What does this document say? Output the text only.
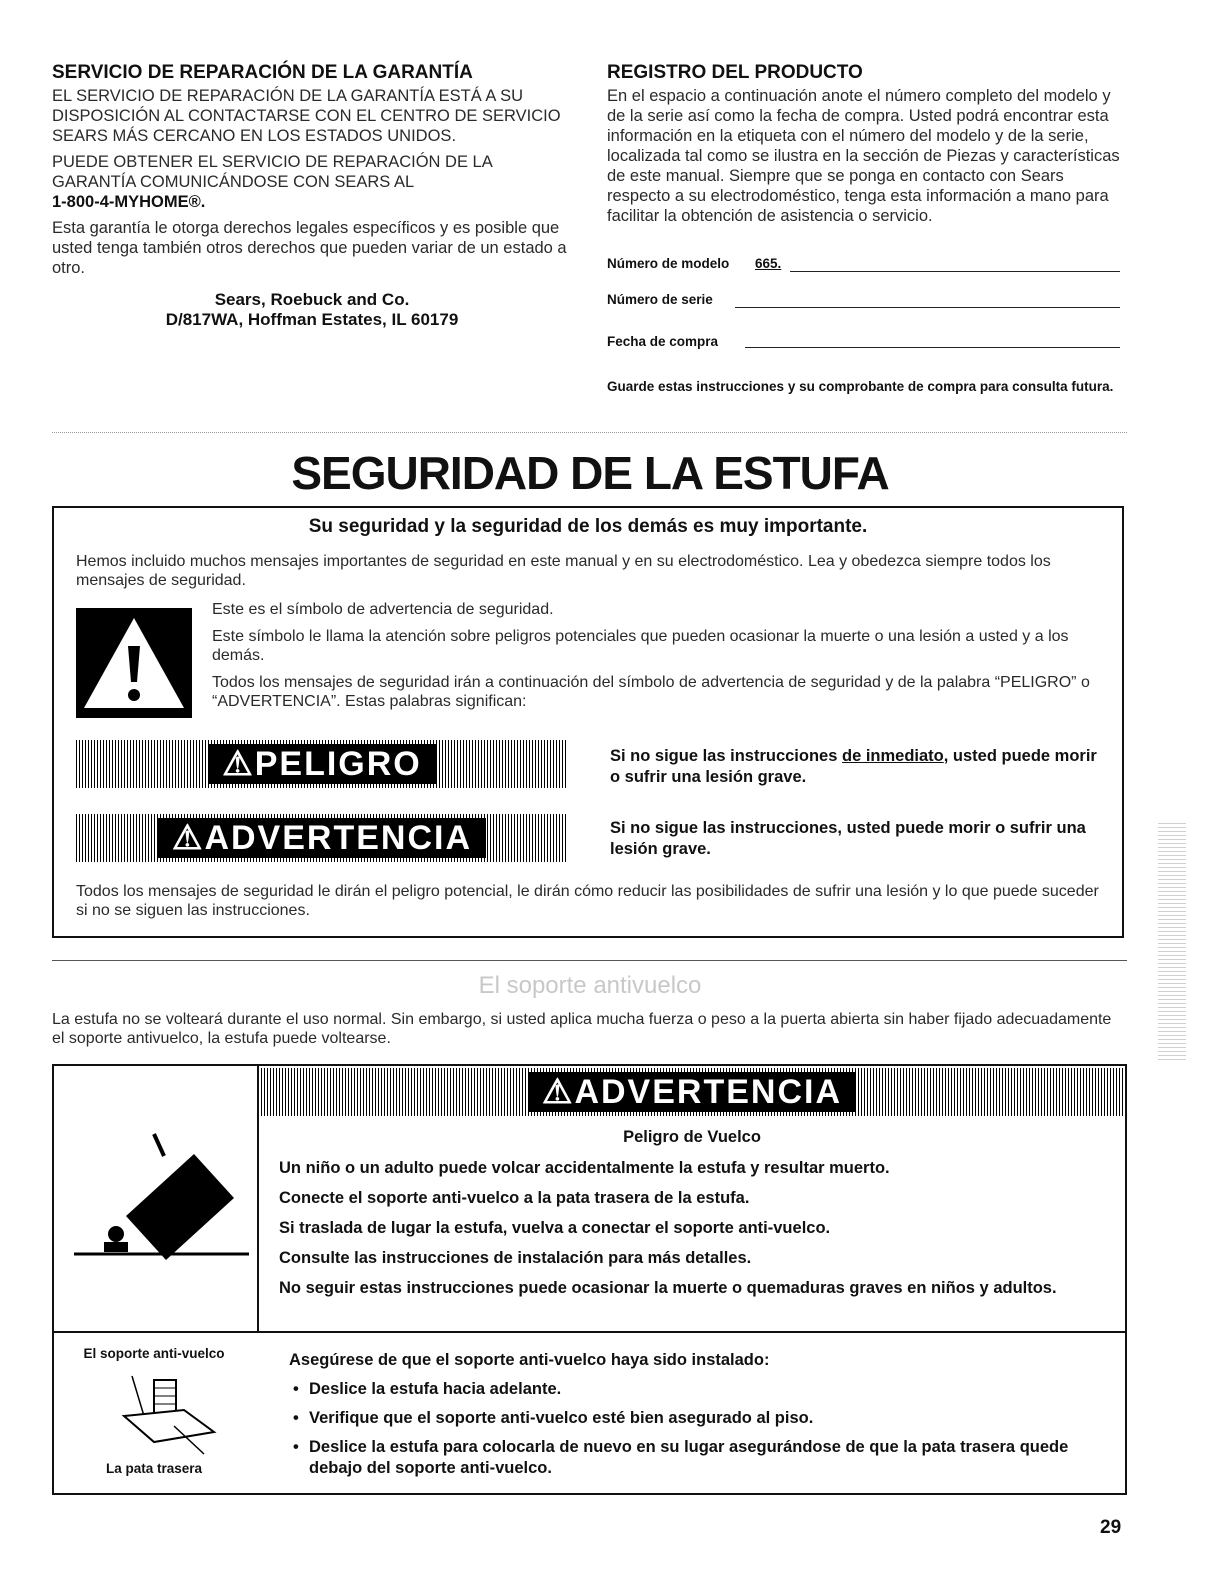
SERVICIO DE REPARACIÓN DE LA GARANTÍA
EL SERVICIO DE REPARACIÓN DE LA GARANTÍA ESTÁ A SU DISPOSICIÓN AL CONTACTARSE CON EL CENTRO DE SERVICIO SEARS MÁS CERCANO EN LOS ESTADOS UNIDOS.
PUEDE OBTENER EL SERVICIO DE REPARACIÓN DE LA GARANTÍA COMUNICÁNDOSE CON SEARS AL
1-800-4-MYHOME®.
Esta garantía le otorga derechos legales específicos y es posible que usted tenga también otros derechos que pueden variar de un estado a otro.
Sears, Roebuck and Co.
D/817WA, Hoffman Estates, IL 60179
REGISTRO DEL PRODUCTO
En el espacio a continuación anote el número completo del modelo y de la serie así como la fecha de compra. Usted podrá encontrar esta información en la etiqueta con el número del modelo y de la serie, localizada tal como se ilustra en la sección de Piezas y características de este manual. Siempre que se ponga en contacto con Sears respecto a su electrodoméstico, tenga esta información a mano para facilitar la obtención de asistencia o servicio.
Número de modelo 665.
Número de serie
Fecha de compra
Guarde estas instrucciones y su comprobante de compra para consulta futura.
SEGURIDAD DE LA ESTUFA
Su seguridad y la seguridad de los demás es muy importante.
Hemos incluido muchos mensajes importantes de seguridad en este manual y en su electrodoméstico. Lea y obedezca siempre todos los mensajes de seguridad.
Este es el símbolo de advertencia de seguridad.
Este símbolo le llama la atención sobre peligros potenciales que pueden ocasionar la muerte o una lesión a usted y a los demás.
Todos los mensajes de seguridad irán a continuación del símbolo de advertencia de seguridad y de la palabra “PELIGRO” o “ADVERTENCIA”. Estas palabras significan:
⚠PELIGRO	Si no sigue las instrucciones de inmediato, usted puede morir o sufrir una lesión grave.
⚠ADVERTENCIA	Si no sigue las instrucciones, usted puede morir o sufrir una lesión grave.
Todos los mensajes de seguridad le dirán el peligro potencial, le dirán cómo reducir las posibilidades de sufrir una lesión y lo que puede suceder si no se siguen las instrucciones.
El soporte antivuelco
La estufa no se volteará durante el uso normal. Sin embargo, si usted aplica mucha fuerza o peso a la puerta abierta sin haber fijado adecuadamente el soporte antivuelco, la estufa puede voltearse.
⚠ADVERTENCIA
Peligro de Vuelco
Un niño o un adulto puede volcar accidentalmente la estufa y resultar muerto.
Conecte el soporte anti-vuelco a la pata trasera de la estufa.
Si traslada de lugar la estufa, vuelva a conectar el soporte anti-vuelco.
Consulte las instrucciones de instalación para más detalles.
No seguir estas instrucciones puede ocasionar la muerte o quemaduras graves en niños y adultos.
El soporte anti-vuelco
La pata trasera
Asegúrese de que el soporte anti-vuelco haya sido instalado:
• Deslice la estufa hacia adelante.
• Verifique que el soporte anti-vuelco esté bien asegurado al piso.
• Deslice la estufa para colocarla de nuevo en su lugar asegurándose de que la pata trasera quede debajo del soporte anti-vuelco.
29
